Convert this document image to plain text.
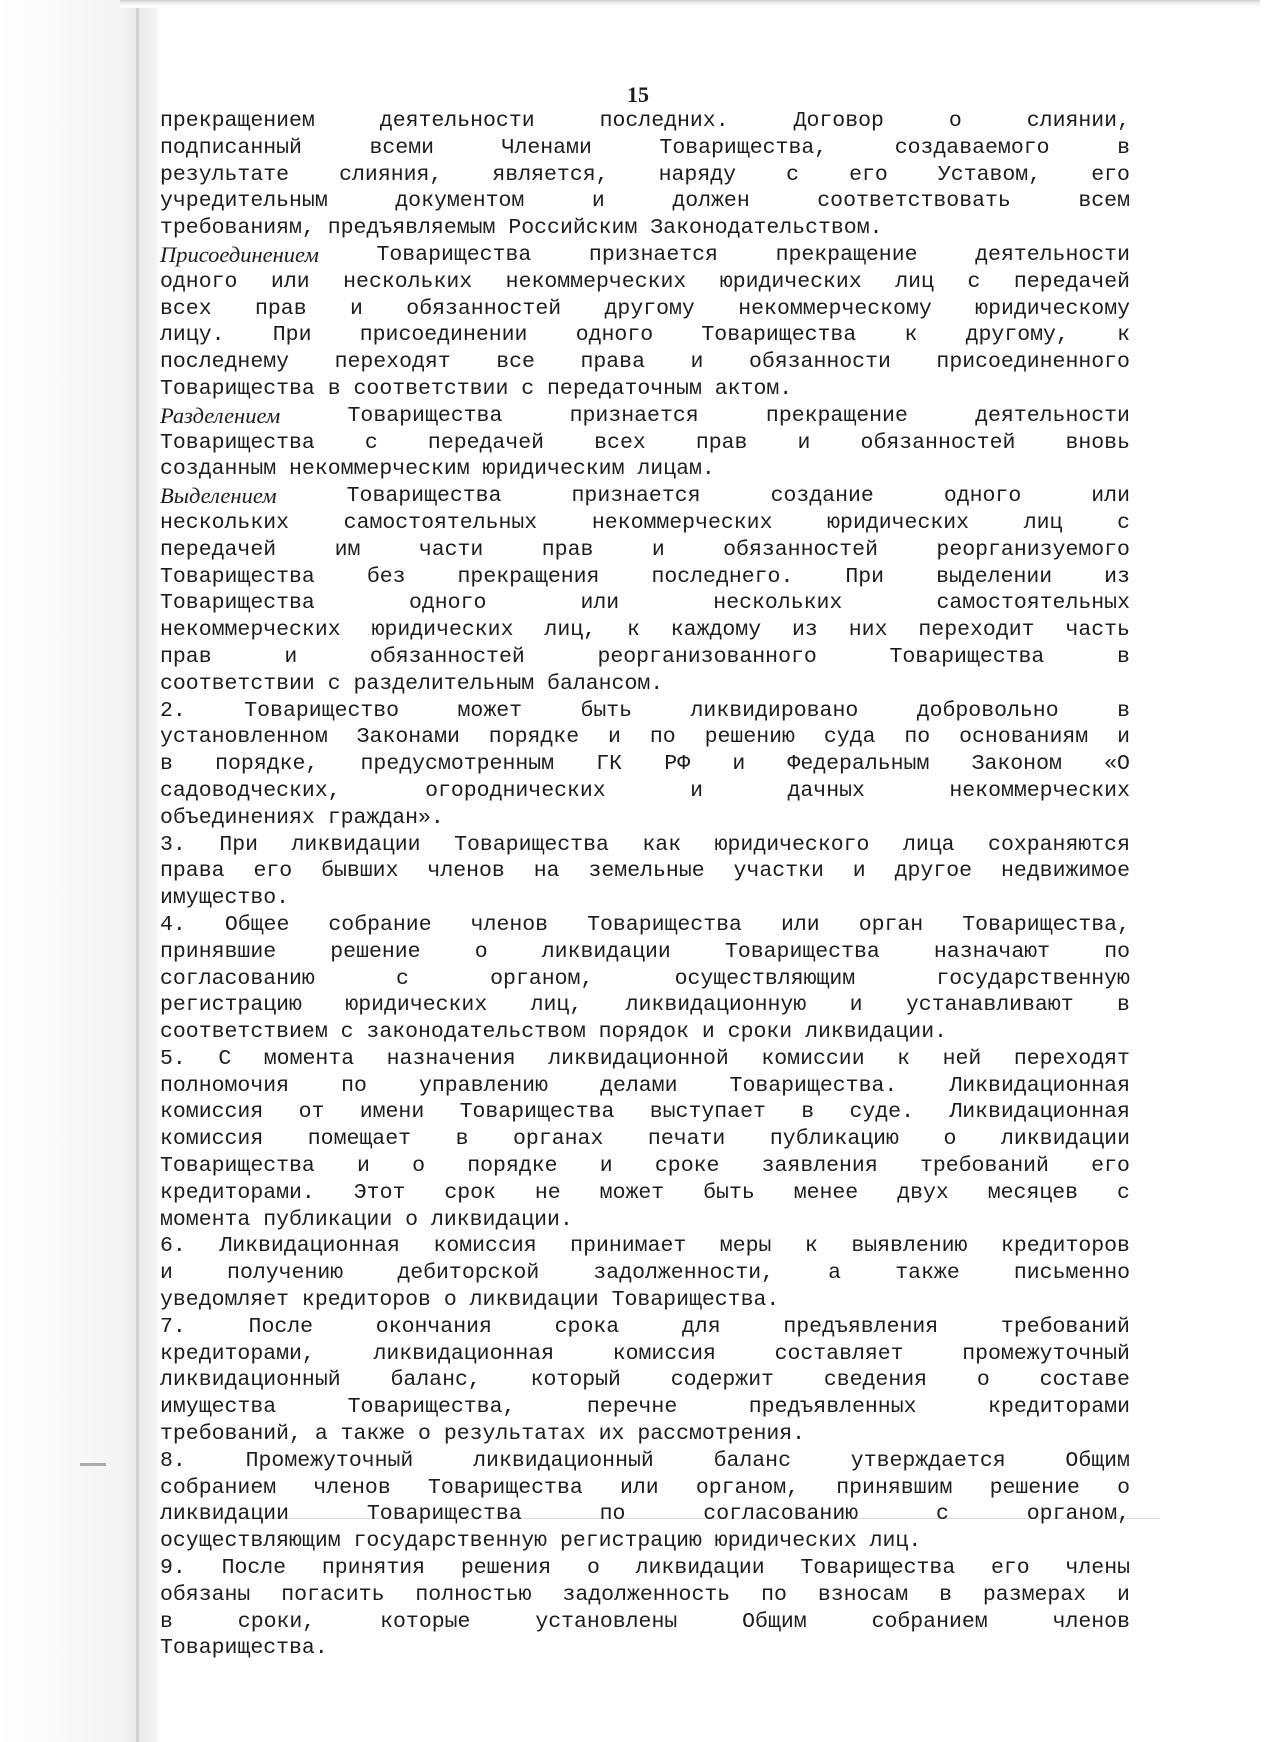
15
прекращением	деятельности	последних.	Договор	о	слиянии,
подписанный	всеми	Членами	Товарищества,	создаваемого	в
результате слияния, является, наряду с его Уставом, его
учредительным	документом	и	должен	соответствовать	всем
требованиям, предъявляемым Российским Законодательством.
Присоединением	Товарищества	признается	прекращение	деятельности
одного или нескольких некоммерческих юридических лиц с передачей
всех прав и обязанностей другому некоммерческому юридическому
лицу. При присоединении одного Товарищества к другому, к
последнему переходят все права и обязанности присоединенного
Товарищества в соответствии с передаточным актом.
Разделением	Товарищества	признается	прекращение	деятельности
Товарищества с передачей всех прав и обязанностей вновь
созданным некоммерческим юридическим лицам.
Выделением	Товарищества	признается	создание	одного	или
нескольких	самостоятельных	некоммерческих	юридических	лиц	с
передачей	им	части	прав	и	обязанностей	реорганизуемого
Товарищества без прекращения последнего. При выделении из
Товарищества	одного	или	нескольких	самостоятельных
некоммерческих юридических лиц, к каждому из них переходит часть
прав	и	обязанностей	реорганизованного	Товарищества	в
соответствии с разделительным балансом.
2.	Товарищество	может	быть	ликвидировано	добровольно	в
установленном Законами порядке и по решению суда по основаниям и
в порядке, предусмотренным ГК РФ и Федеральным Законом «О
садоводческих,	огороднических	и	дачных	некоммерческих
объединениях граждан».
3. При ликвидации Товарищества как юридического лица сохраняются
права его бывших членов на земельные участки и другое недвижимое
имущество.
4. Общее собрание членов Товарищества или орган Товарищества,
принявшие	решение	о	ликвидации	Товарищества	назначают	по
согласованию	с	органом,	осуществляющим	государственную
регистрацию юридических лиц, ликвидационную и устанавливают в
соответствием с законодательством порядок и сроки ликвидации.
5. С момента назначения ликвидационной комиссии к ней переходят
полномочия по управлению делами Товарищества. Ликвидационная
комиссия от имени Товарищества выступает в суде. Ликвидационная
комиссия помещает в органах печати публикацию о ликвидации
Товарищества и о порядке и сроке заявления требований его
кредиторами. Этот срок не может быть менее двух месяцев с
момента публикации о ликвидации.
6. Ликвидационная комиссия принимает меры к выявлению кредиторов
и	получению	дебиторской	задолженности,	а	также	письменно
уведомляет кредиторов о ликвидации Товарищества.
7.	После	окончания	срока	для	предъявления	требований
кредиторами,	ликвидационная	комиссия	составляет	промежуточный
ликвидационный баланс, который содержит сведения о составе
имущества	Товарищества,	перечне	предъявленных	кредиторами
требований, а также о результатах их рассмотрения.
8.	Промежуточный	ликвидационный	баланс	утверждается	Общим
собранием членов Товарищества или органом, принявшим решение о
ликвидации	Товарищества	по	согласованию	с	органом,
осуществляющим государственную регистрацию юридических лиц.
9. После принятия решения о ликвидации Товарищества его члены
обязаны погасить полностью задолженность по взносам в размерах и
в	сроки,	которые	установлены	Общим	собранием	членов
Товарищества.
